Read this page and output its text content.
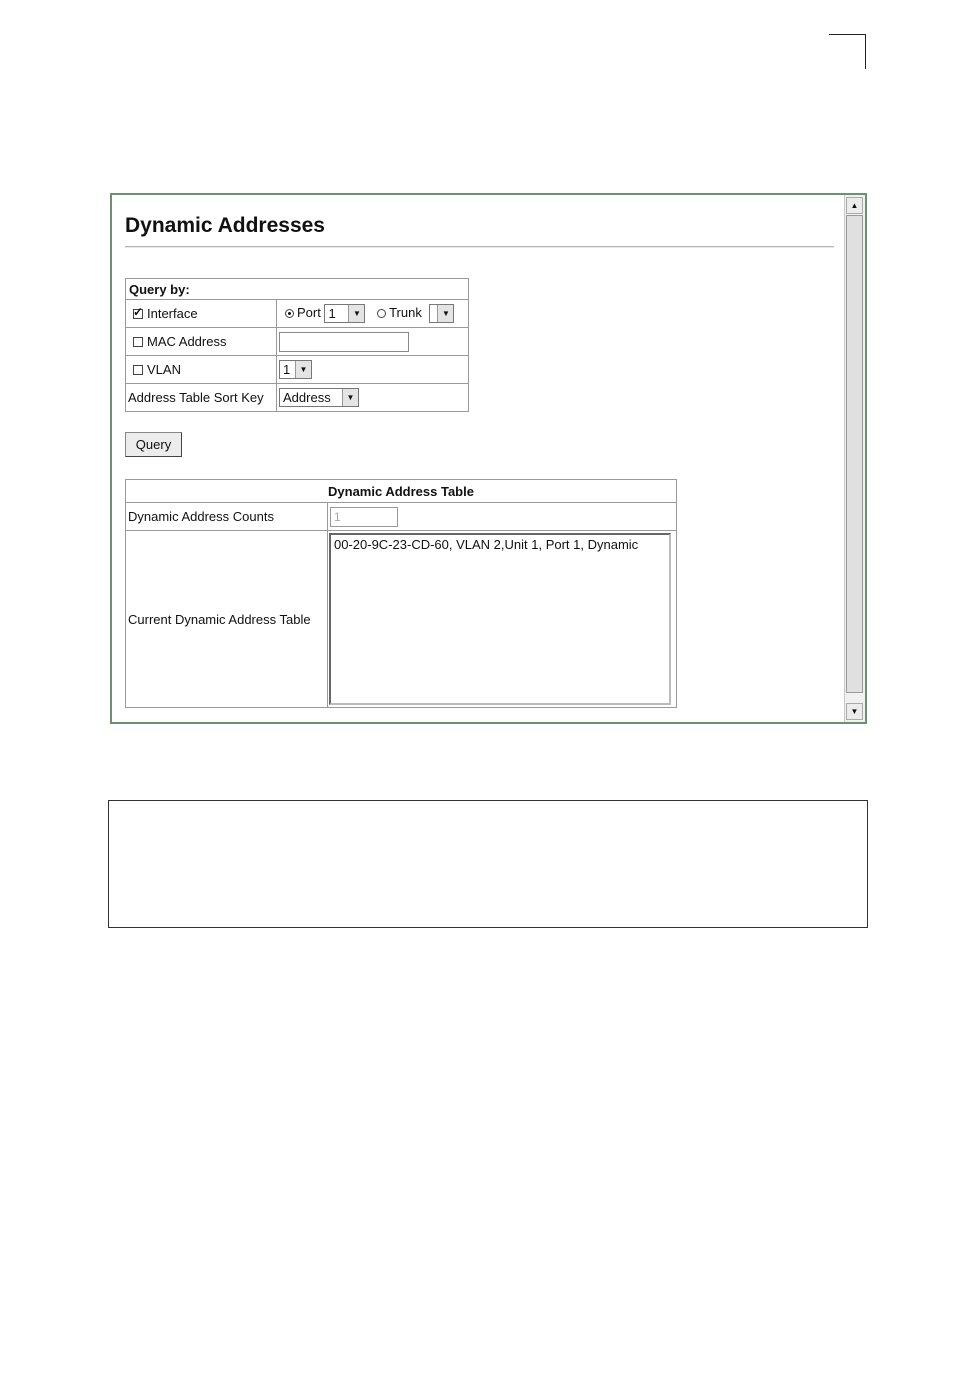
Dynamic Addresses
Query by:	
✓Interface	Port 1 ▼ Trunk ▼

MAC Address	
VLAN	1 ▼

Address Table Sort Key	Address ▼
Query
Dynamic Address Table	
Dynamic Address Counts	1
Current Dynamic Address Table	00-20-9C-23-CD-60, VLAN 2,Unit 1, Port 1, Dynamic
▲
▼
